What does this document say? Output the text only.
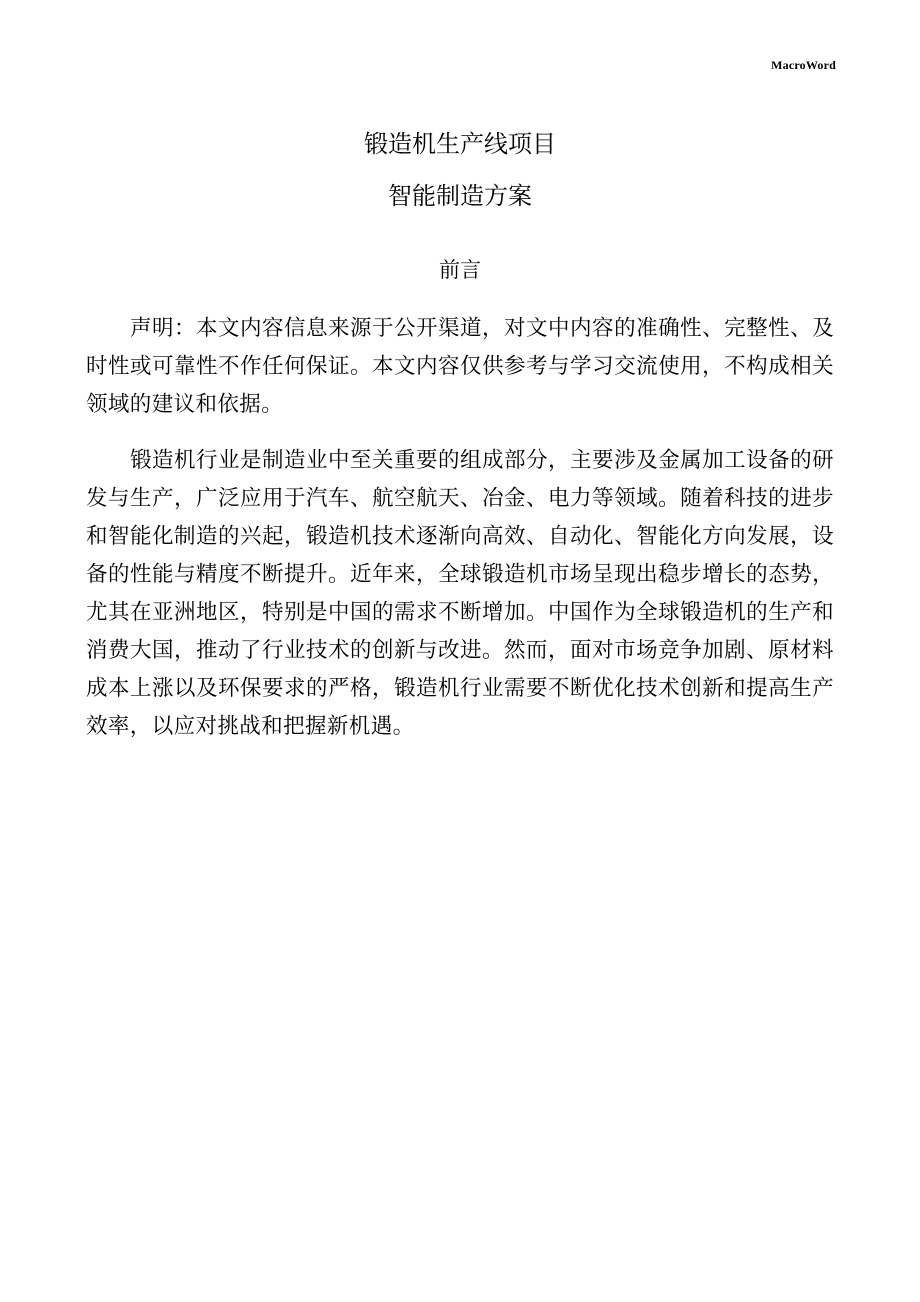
MacroWord
锻造机生产线项目
智能制造方案
前言

声明：本文内容信息来源于公开渠道，对文中内容的准确性、完整性、及时性或可靠性不作任何保证。本文内容仅供参考与学习交流使用，不构成相关领域的建议和依据。

锻造机行业是制造业中至关重要的组成部分，主要涉及金属加工设备的研发与生产，广泛应用于汽车、航空航天、冶金、电力等领域。随着科技的进步和智能化制造的兴起，锻造机技术逐渐向高效、自动化、智能化方向发展，设备的性能与精度不断提升。近年来，全球锻造机市场呈现出稳步增长的态势，尤其在亚洲地区，特别是中国的需求不断增加。中国作为全球锻造机的生产和消费大国，推动了行业技术的创新与改进。然而，面对市场竞争加剧、原材料成本上涨以及环保要求的严格，锻造机行业需要不断优化技术创新和提高生产效率，以应对挑战和把握新机遇。
